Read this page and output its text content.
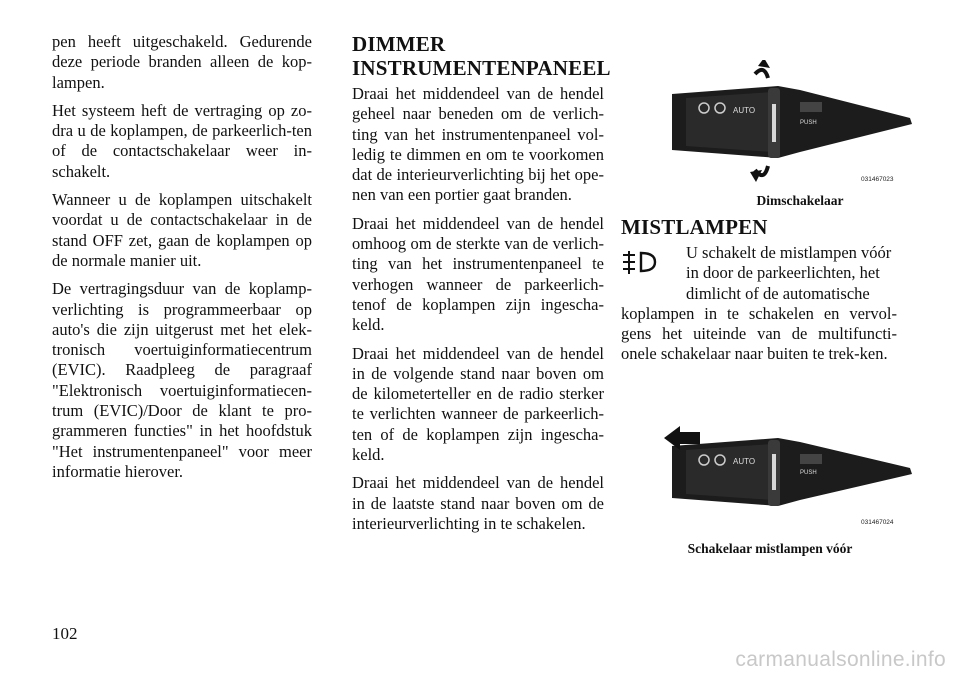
pen heeft uitgeschakeld. Gedurende deze periode branden alleen de kop-lampen.

Het systeem heft de vertraging op zo-dra u de koplampen, de parkeerlich-ten of de contactschakelaar weer in-schakelt.

Wanneer u de koplampen uitschakelt voordat u de contactschakelaar in de stand OFF zet, gaan de koplampen op de normale manier uit.

De vertragingsduur van de koplamp-verlichting is programmeerbaar op auto's die zijn uitgerust met het elek-tronisch voertuiginformatiecentrum (EVIC). Raadpleeg de paragraaf "Elektronisch voertuiginformatiecen-trum (EVIC)/Door de klant te pro-grammeren functies" in het hoofdstuk "Het instrumentenpaneel" voor meer informatie hierover.

DIMMER
INSTRUMENTENPANEEL

Draai het middendeel van de hendel geheel naar beneden om de verlich-ting van het instrumentenpaneel vol-ledig te dimmen en om te voorkomen dat de interieurverlichting bij het ope-nen van een portier gaat branden.

Draai het middendeel van de hendel omhoog om de sterkte van de verlich-ting van het instrumentenpaneel te verhogen wanneer de parkeerlich-tenof de koplampen zijn ingescha-keld.

Draai het middendeel van de hendel in de volgende stand naar boven om de kilometerteller en de radio sterker te verlichten wanneer de parkeerlich-ten of de koplampen zijn ingescha-keld.

Draai het middendeel van de hendel in de laatste stand naar boven om de interieurverlichting in te schakelen.

AUTO
PUSH
031467023
Dimschakelaar
MISTLAMPEN

U schakelt de mistlampen vóór

in door de parkeerlichten, het

dimlicht of de automatische

koplampen in te schakelen en vervol-gens het uiteinde van de multifuncti-onele schakelaar naar buiten te trek-ken.

AUTO
PUSH
031467024
Schakelaar mistlampen vóór
102
carmanualsonline.info
